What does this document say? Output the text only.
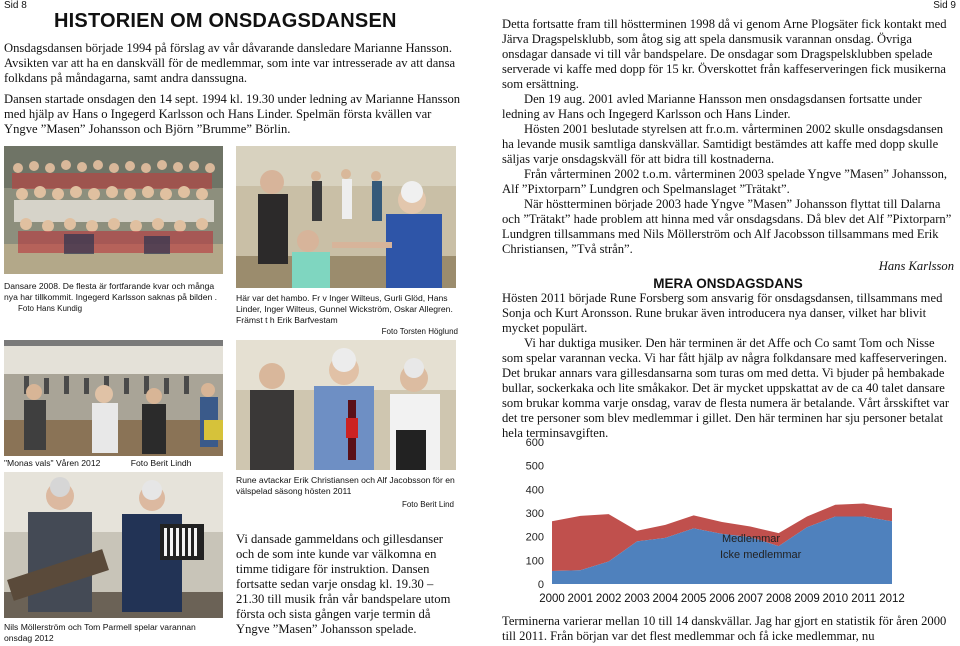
Sid 8
HISTORIEN OM ONSDAGSDANSEN

Onsdagsdansen började 1994 på förslag av vår dåvarande dansledare Marianne Hansson. Avsikten var att ha en danskväll för de medlemmar, som inte var intresserade av att dansa folkdans på måndagarna, samt andra danssugna.

Dansen startade onsdagen den 14 sept. 1994 kl. 19.30 under ledning av Marianne Hansson med hjälp av Hans o Ingegerd Karlsson och Hans Linder. Spelmän första kvällen var Yngve ”Masen” Johansson och Björn ”Brumme” Börlin.

Dansare 2008. De flesta är fortfarande kvar och många nya har tillkommit. Ingegerd Karlsson saknas på bilden . Foto Hans Kundig
Här var det hambo. Fr v Inger Wilteus, Gurli Glöd, Hans Linder, Inger Wilteus, Gunnel Wickström, Oskar Allegren. Främst t h Erik Barfvestam
Foto Torsten Höglund
"Monas vals" Våren 2012	Foto Berit Lindh
Rune avtackar Erik Christiansen och Alf Jacobsson för en välspelad säsong hösten 2011
Foto Berit Lind
Nils Möllerström och Tom Parmell spelar varannan onsdag 2012
Vi dansade gammeldans och gillesdanser och de som inte kunde var välkomna en timme tidigare för instruktion. Dansen fortsatte sedan varje onsdag kl. 19.30 – 21.30 till musik från vår bandspelare utom första och sista gången varje termin då Yngve ”Masen” Johansson spelade.
Sid 9

Detta fortsatte fram till höstterminen 1998 då vi genom Arne Plogsäter fick kontakt med Järva Dragspelsklubb, som åtog sig att spela dansmusik varannan onsdag. Övriga onsdagar dansade vi till vår bandspelare. De onsdagar som Dragspelsklubben spelade serverade vi kaffe med dopp för 15 kr. Överskottet från kaffeserveringen fick musikerna som ersättning.

Den 19 aug. 2001 avled Marianne Hansson men onsdagsdansen fortsatte under ledning av Hans och Ingegerd Karlsson och Hans Linder.

Hösten 2001 beslutade styrelsen att fr.o.m. vårterminen 2002 skulle onsdagsdansen ha levande musik samtliga danskvällar. Samtidigt bestämdes att kaffe med dopp skulle säljas varje onsdagskväll för att bidra till kostnaderna.

Från vårterminen 2002 t.o.m. vårterminen 2003 spelade Yngve ”Masen” Johansson, Alf ”Pixtorparn” Lundgren och Spelmanslaget ”Trätakt”.

När höstterminen började 2003 hade Yngve ”Masen” Johansson flyttat till Dalarna och ”Trätakt” hade problem att hinna med vår onsdagsdans. Då blev det Alf ”Pixtorparn” Lundgren tillsammans med Nils Möllerström och Alf Jacobsson tillsammans med Erik Christiansen, ”Två strån”.

Hans Karlsson

MERA ONSDAGSDANS

Hösten 2011 började Rune Forsberg som ansvarig för onsdagsdansen, tillsammans med Sonja och Kurt Aronsson. Rune brukar även introducera nya danser, vilket har blivit mycket populärt.

Vi har duktiga musiker. Den här terminen är det Affe och Co samt Tom och Nisse som spelar varannan vecka. Vi har fått hjälp av några folkdansare med kaffeserveringen. Det brukar annars vara gillesdansarna som turas om med detta. Vi bjuder på hembakade bullar, sockerkaka och lite småkakor. Det är mycket uppskattat av de ca 40 talet dansare som brukar komma varje onsdag, varav de flesta numera är betalande. Vårt årsskiftet var det tre personer som blev medlemmar i gillet. Den här terminen har sju personer betalat hela terminsavgiften.

0
100
200
300
400
500
600
2000 2001 2002 2003 2004 2005 2006 2007 2008 2009 2010 2011 2012
Medlemmar
Icke medlemmar
Terminerna varierar mellan 10 till 14 danskvällar. Jag har gjort en statistik för åren 2000 till 2011. Från början var det flest medlemmar och få icke medlemmar, nu
